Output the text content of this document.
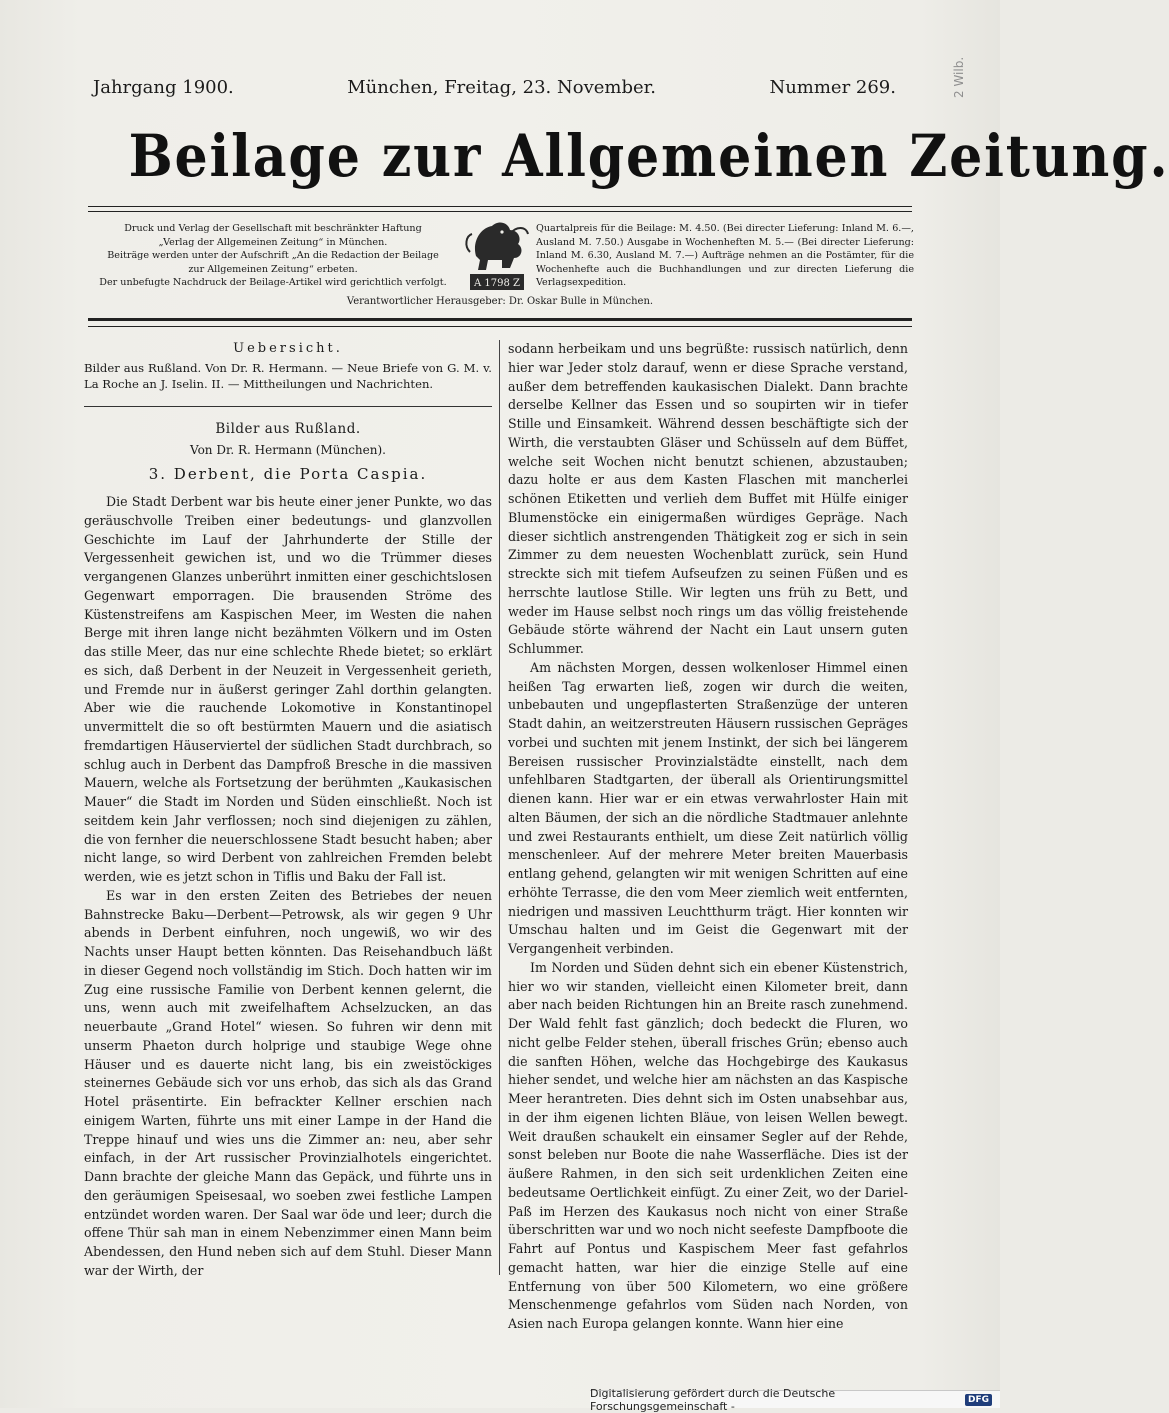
2 Wilb.
Jahrgang 1900.	München, Freitag, 23. November.	Nummer 269.
Beilage zur Allgemeinen Zeitung.
Druck und Verlag der Gesellschaft mit beschränkter Haftung
„Verlag der Allgemeinen Zeitung“ in München.
Beiträge werden unter der Aufschrift „An die Redaction der Beilage
zur Allgemeinen Zeitung“ erbeten.
Der unbefugte Nachdruck der Beilage-Artikel wird gerichtlich verfolgt.	A 1798 Z
Quartalpreis für die Beilage: M. 4.50. (Bei directer Lieferung: Inland M. 6.—, Ausland M. 7.50.) Ausgabe in Wochenheften M. 5.— (Bei directer Lieferung: Inland M. 6.30, Ausland M. 7.—) Aufträge nehmen an die Postämter, für die Wochenhefte auch die Buchhandlungen und zur directen Lieferung die Verlagsexpedition.
Verantwortlicher Herausgeber: Dr. Oskar Bulle in München.
Uebersicht.

Bilder aus Rußland. Von Dr. R. Hermann. — Neue Briefe von G. M. v. La Roche an J. Iselin. II. — Mittheilungen und Nachrichten.

Bilder aus Rußland.
Von Dr. R. Hermann (München).
3. Derbent, die Porta Caspia.

Die Stadt Derbent war bis heute einer jener Punkte, wo das geräuschvolle Treiben einer bedeutungs- und glanzvollen Geschichte im Lauf der Jahrhunderte der Stille der Vergessenheit gewichen ist, und wo die Trümmer dieses vergangenen Glanzes unberührt inmitten einer geschichtslosen Gegenwart emporragen. Die brausenden Ströme des Küstenstreifens am Kaspischen Meer, im Westen die nahen Berge mit ihren lange nicht bezähmten Völkern und im Osten das stille Meer, das nur eine schlechte Rhede bietet; so erklärt es sich, daß Derbent in der Neuzeit in Vergessenheit gerieth, und Fremde nur in äußerst geringer Zahl dorthin gelangten. Aber wie die rauchende Lokomotive in Konstantinopel unvermittelt die so oft bestürmten Mauern und die asiatisch fremdartigen Häuserviertel der südlichen Stadt durchbrach, so schlug auch in Derbent das Dampfroß Bresche in die massiven Mauern, welche als Fortsetzung der berühmten „Kaukasischen Mauer“ die Stadt im Norden und Süden einschließt. Noch ist seitdem kein Jahr verflossen; noch sind diejenigen zu zählen, die von fernher die neuerschlossene Stadt besucht haben; aber nicht lange, so wird Derbent von zahlreichen Fremden belebt werden, wie es jetzt schon in Tiflis und Baku der Fall ist.

Es war in den ersten Zeiten des Betriebes der neuen Bahnstrecke Baku—Derbent—Petrowsk, als wir gegen 9 Uhr abends in Derbent einfuhren, noch ungewiß, wo wir des Nachts unser Haupt betten könnten. Das Reisehandbuch läßt in dieser Gegend noch vollständig im Stich. Doch hatten wir im Zug eine russische Familie von Derbent kennen gelernt, die uns, wenn auch mit zweifelhaftem Achselzucken, an das neuerbaute „Grand Hotel“ wiesen. So fuhren wir denn mit unserm Phaeton durch holprige und staubige Wege ohne Häuser und es dauerte nicht lang, bis ein zweistöckiges steinernes Gebäude sich vor uns erhob, das sich als das Grand Hotel präsentirte. Ein befrackter Kellner erschien nach einigem Warten, führte uns mit einer Lampe in der Hand die Treppe hinauf und wies uns die Zimmer an: neu, aber sehr einfach, in der Art russischer Provinzialhotels eingerichtet. Dann brachte der gleiche Mann das Gepäck, und führte uns in den geräumigen Speisesaal, wo soeben zwei festliche Lampen entzündet worden waren. Der Saal war öde und leer; durch die offene Thür sah man in einem Nebenzimmer einen Mann beim Abendessen, den Hund neben sich auf dem Stuhl. Dieser Mann war der Wirth, der

sodann herbeikam und uns begrüßte: russisch natürlich, denn hier war Jeder stolz darauf, wenn er diese Sprache verstand, außer dem betreffenden kaukasischen Dialekt. Dann brachte derselbe Kellner das Essen und so soupirten wir in tiefer Stille und Einsamkeit. Während dessen beschäftigte sich der Wirth, die verstaubten Gläser und Schüsseln auf dem Büffet, welche seit Wochen nicht benutzt schienen, abzustauben; dazu holte er aus dem Kasten Flaschen mit mancherlei schönen Etiketten und verlieh dem Buffet mit Hülfe einiger Blumenstöcke ein einigermaßen würdiges Gepräge. Nach dieser sichtlich anstrengenden Thätigkeit zog er sich in sein Zimmer zu dem neuesten Wochenblatt zurück, sein Hund streckte sich mit tiefem Aufseufzen zu seinen Füßen und es herrschte lautlose Stille. Wir legten uns früh zu Bett, und weder im Hause selbst noch rings um das völlig freistehende Gebäude störte während der Nacht ein Laut unsern guten Schlummer.

Am nächsten Morgen, dessen wolkenloser Himmel einen heißen Tag erwarten ließ, zogen wir durch die weiten, unbebauten und ungepflasterten Straßenzüge der unteren Stadt dahin, an weitzerstreuten Häusern russischen Gepräges vorbei und suchten mit jenem Instinkt, der sich bei längerem Bereisen russischer Provinzialstädte einstellt, nach dem unfehlbaren Stadtgarten, der überall als Orientirungsmittel dienen kann. Hier war er ein etwas verwahrloster Hain mit alten Bäumen, der sich an die nördliche Stadtmauer anlehnte und zwei Restaurants enthielt, um diese Zeit natürlich völlig menschenleer. Auf der mehrere Meter breiten Mauerbasis entlang gehend, gelangten wir mit wenigen Schritten auf eine erhöhte Terrasse, die den vom Meer ziemlich weit entfernten, niedrigen und massiven Leuchtthurm trägt. Hier konnten wir Umschau halten und im Geist die Gegenwart mit der Vergangenheit verbinden.

Im Norden und Süden dehnt sich ein ebener Küstenstrich, hier wo wir standen, vielleicht einen Kilometer breit, dann aber nach beiden Richtungen hin an Breite rasch zunehmend. Der Wald fehlt fast gänzlich; doch bedeckt die Fluren, wo nicht gelbe Felder stehen, überall frisches Grün; ebenso auch die sanften Höhen, welche das Hochgebirge des Kaukasus hieher sendet, und welche hier am nächsten an das Kaspische Meer herantreten. Dies dehnt sich im Osten unabsehbar aus, in der ihm eigenen lichten Bläue, von leisen Wellen bewegt. Weit draußen schaukelt ein einsamer Segler auf der Rehde, sonst beleben nur Boote die nahe Wasserfläche. Dies ist der äußere Rahmen, in den sich seit urdenklichen Zeiten eine bedeutsame Oertlichkeit einfügt. Zu einer Zeit, wo der Dariel-Paß im Herzen des Kaukasus noch nicht von einer Straße überschritten war und wo noch nicht seefeste Dampfboote die Fahrt auf Pontus und Kaspischem Meer fast gefahrlos gemacht hatten, war hier die einzige Stelle auf eine Entfernung von über 500 Kilometern, wo eine größere Menschenmenge gefahrlos vom Süden nach Norden, von Asien nach Europa gelangen konnte. Wann hier eine

Digitalisierung gefördert durch die Deutsche Forschungsgemeinschaft -	DFG
